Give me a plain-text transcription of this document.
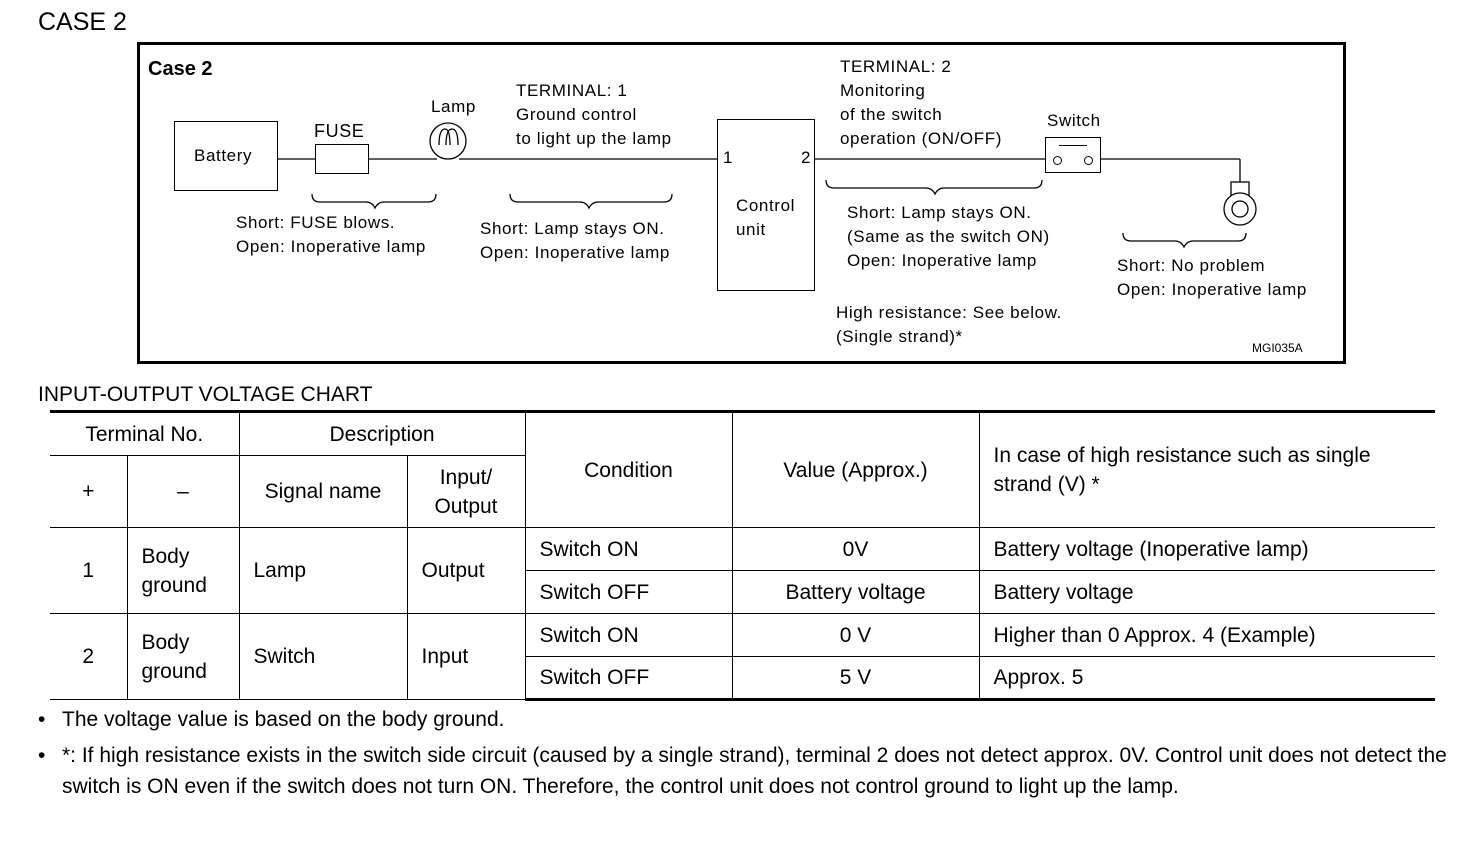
CASE 2
Case 2
Battery
FUSE
Lamp
TERMINAL: 1
Ground control
to light up the lamp
1	2
Control
unit
TERMINAL: 2
Monitoring
of the switch
operation (ON/OFF)
Switch
Short: FUSE blows.
Open: Inoperative lamp
Short: Lamp stays ON.
Open: Inoperative lamp
Short: Lamp stays ON.
(Same as the switch ON)
Open: Inoperative lamp	Short: No problem
Open: Inoperative lamp
High resistance: See below.
(Single strand)*
MGI035A
INPUT-OUTPUT VOLTAGE CHART
Terminal No.		Description		Condition	Value (Approx.)	In case of high resistance such as single strand (V) *
+	–	Signal name	Input/ Output			
1	Body ground	Lamp	Output	Switch ON	0V	Battery voltage (Inoperative lamp)
				Switch OFF	Battery voltage	Battery voltage
2	Body ground	Switch	Input	Switch ON	0 V	Higher than 0 Approx. 4 (Example)
				Switch OFF	5 V	Approx. 5
• The voltage value is based on the body ground.
• *: If high resistance exists in the switch side circuit (caused by a single strand), terminal 2 does not detect approx. 0V. Control unit does not detect the switch is ON even if the switch does not turn ON. Therefore, the control unit does not control ground to light up the lamp.
